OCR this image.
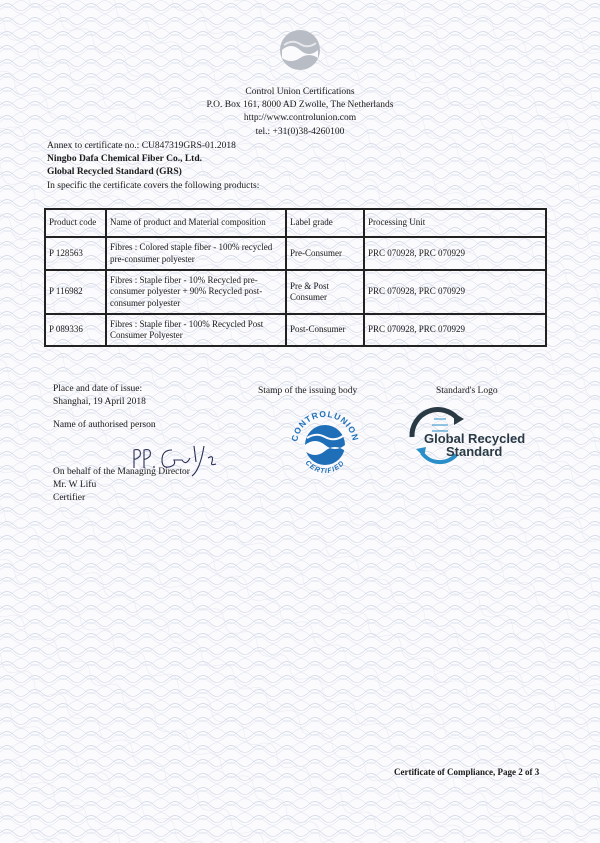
Control Union Certifications
P.O. Box 161, 8000 AD Zwolle, The Netherlands
http://www.controlunion.com
tel.: +31(0)38-4260100
Annex to certificate no.: CU847319GRS-01.2018
Ningbo Dafa Chemical Fiber Co., Ltd.
Global Recycled Standard (GRS)
In specific the certificate covers the following products:
Product code	Name of product and Material composition	Label grade	Processing Unit
P 128563	Fibres : Colored staple fiber - 100% recycled pre-consumer polyester	Pre-Consumer	PRC 070928, PRC 070929
P 116982	Fibres : Staple fiber - 10% Recycled pre-consumer polyester + 90% Recycled post-consumer polyester	Pre & Post Consumer	PRC 070928, PRC 070929
P 089336	Fibres : Staple fiber - 100% Recycled Post Consumer Polyester	Post-Consumer	PRC 070928, PRC 070929
Place and date of issue:
Shanghai, 19 April 2018
Name of authorised person
On behalf of the Managing Director
Mr. W Lifu
Certifier
Stamp of the issuing body
CONTROLUNION
CERTIFIED
Standard's Logo
Global Recycled
Standard
Certificate of Compliance, Page 2 of 3
